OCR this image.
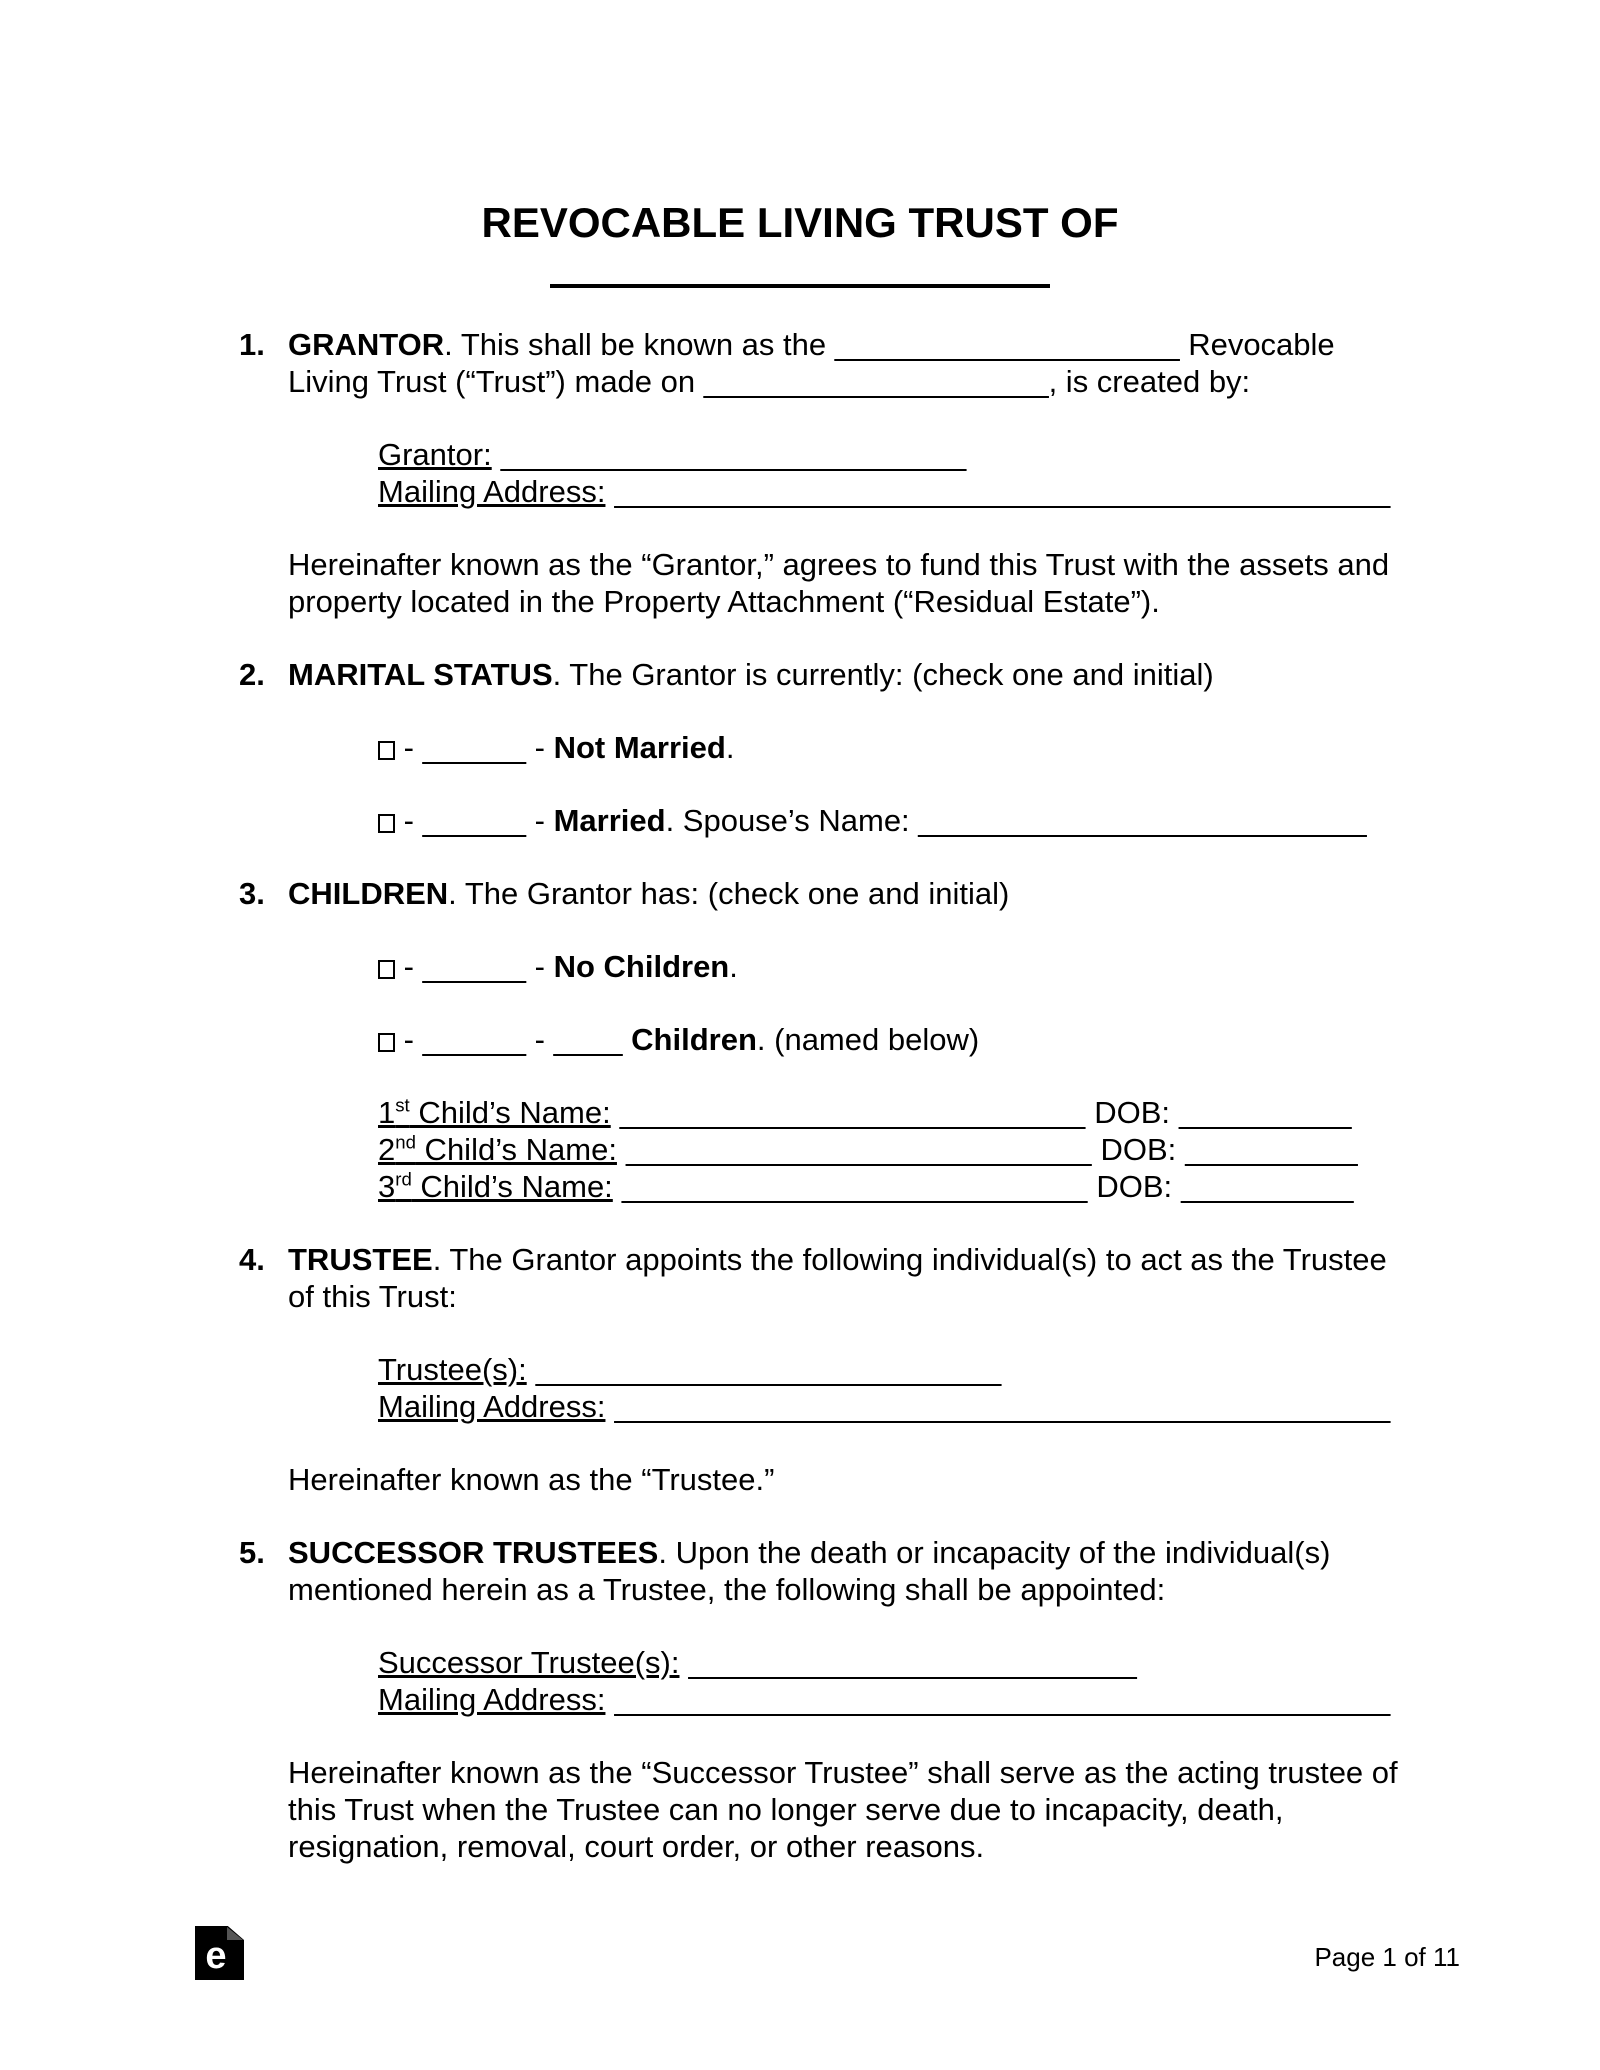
REVOCABLE LIVING TRUST OF
1. GRANTOR. This shall be known as the ____________________ Revocable
Living Trust (“Trust”) made on ____________________, is created by:
Grantor: ___________________________
Mailing Address: _____________________________________________
Hereinafter known as the “Grantor,” agrees to fund this Trust with the assets and
property located in the Property Attachment (“Residual Estate”).
2. MARITAL STATUS. The Grantor is currently: (check one and initial)
- ______ - Not Married.
- ______ - Married. Spouse’s Name: __________________________
3. CHILDREN. The Grantor has: (check one and initial)
- ______ - No Children.
- ______ - ____ Children. (named below)
1st Child’s Name: ___________________________ DOB: __________
2nd Child’s Name: ___________________________ DOB: __________
3rd Child’s Name: ___________________________ DOB: __________
4. TRUSTEE. The Grantor appoints the following individual(s) to act as the Trustee
of this Trust:
Trustee(s): ___________________________
Mailing Address: _____________________________________________
Hereinafter known as the “Trustee.”
5. SUCCESSOR TRUSTEES. Upon the death or incapacity of the individual(s)
mentioned herein as a Trustee, the following shall be appointed:
Successor Trustee(s): __________________________
Mailing Address: _____________________________________________
Hereinafter known as the “Successor Trustee” shall serve as the acting trustee of
this Trust when the Trustee can no longer serve due to incapacity, death,
resignation, removal, court order, or other reasons.
e	Page 1 of 11
